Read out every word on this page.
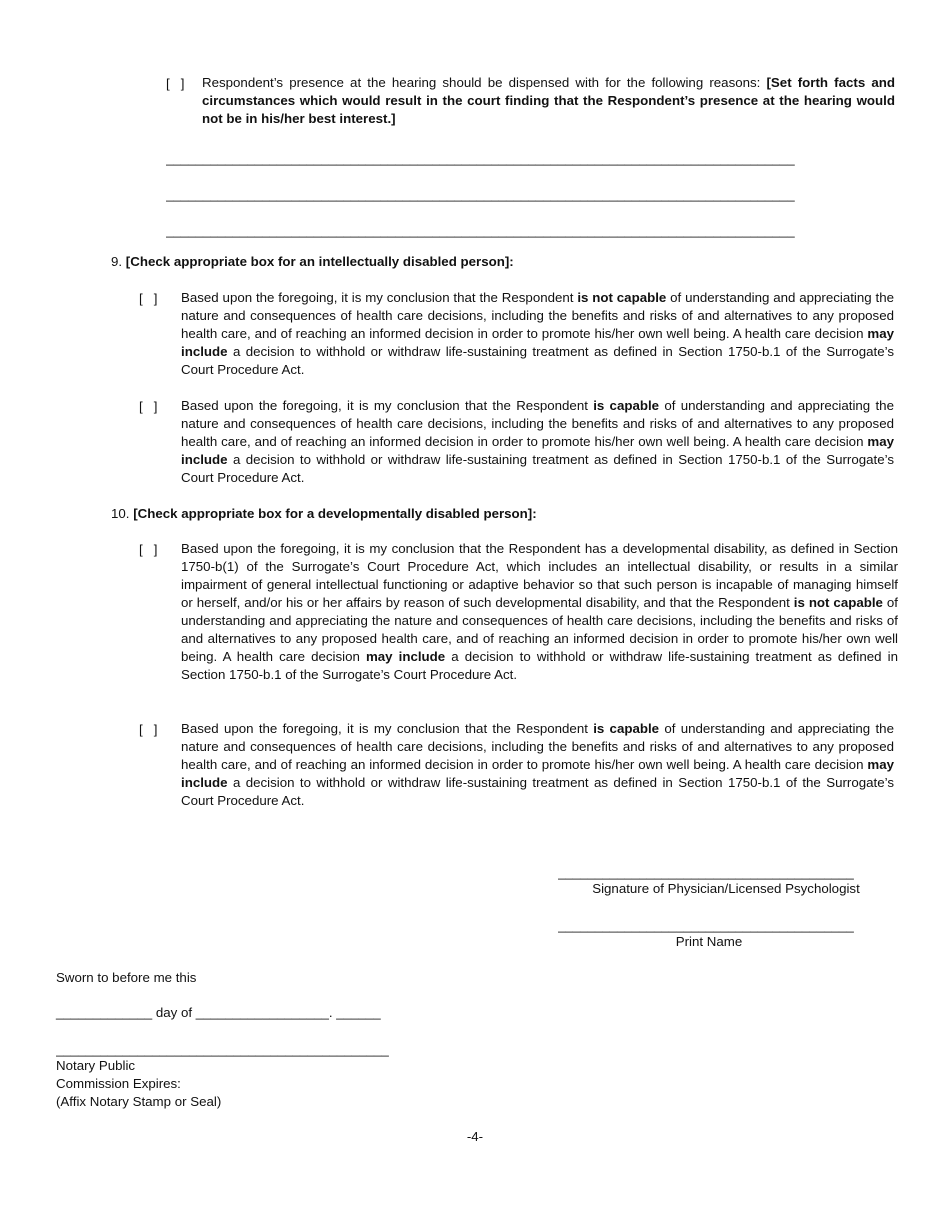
[   ] Respondent’s presence at the hearing should be dispensed with for the following reasons: [Set forth facts and circumstances which would result in the court finding that the Respondent’s presence at the hearing would not be in his/her best interest.]

_____________________________________________________________________________________
_____________________________________________________________________________________
_____________________________________________________________________________________

9. [Check appropriate box for an intellectually disabled person]:

[   ] Based upon the foregoing, it is my conclusion that the Respondent is not capable of understanding and appreciating the nature and consequences of health care decisions, including the benefits and risks of and alternatives to any proposed health care, and of reaching an informed decision in order to promote his/her own well being. A health care decision may include a decision to withhold or withdraw life-sustaining treatment as defined in Section 1750-b.1 of the Surrogate’s Court Procedure Act.

[   ] Based upon the foregoing, it is my conclusion that the Respondent is capable of understanding and appreciating the nature and consequences of health care decisions, including the benefits and risks of and alternatives to any proposed health care, and of reaching an informed decision in order to promote his/her own well being. A health care decision may include a decision to withhold or withdraw life-sustaining treatment as defined in Section 1750-b.1 of the Surrogate’s Court Procedure Act.

10. [Check appropriate box for a developmentally disabled person]:

[   ] Based upon the foregoing, it is my conclusion that the Respondent has a developmental disability, as defined in Section 1750-b(1) of the Surrogate’s Court Procedure Act, which includes an intellectual disability, or results in a similar impairment of general intellectual functioning or adaptive behavior so that such person is incapable of managing himself or herself, and/or his or her affairs by reason of such developmental disability, and that the Respondent is not capable of understanding and appreciating the nature and consequences of health care decisions, including the benefits and risks of and alternatives to any proposed health care, and of reaching an informed decision in order to promote his/her own well being. A health care decision may include a decision to withhold or withdraw life-sustaining treatment as defined in Section 1750-b.1 of the Surrogate’s Court Procedure Act.

[   ] Based upon the foregoing, it is my conclusion that the Respondent is capable of understanding and appreciating the nature and consequences of health care decisions, including the benefits and risks of and alternatives to any proposed health care, and of reaching an informed decision in order to promote his/her own well being. A health care decision may include a decision to withhold or withdraw life-sustaining treatment as defined in Section 1750-b.1 of the Surrogate’s Court Procedure Act.

________________________________________
Signature of Physician/Licensed Psychologist
________________________________________
Print Name
Sworn to before me this
_____________ day of __________________. ______
_____________________________________________
Notary Public
Commission Expires:
(Affix Notary Stamp or Seal)
-4-
